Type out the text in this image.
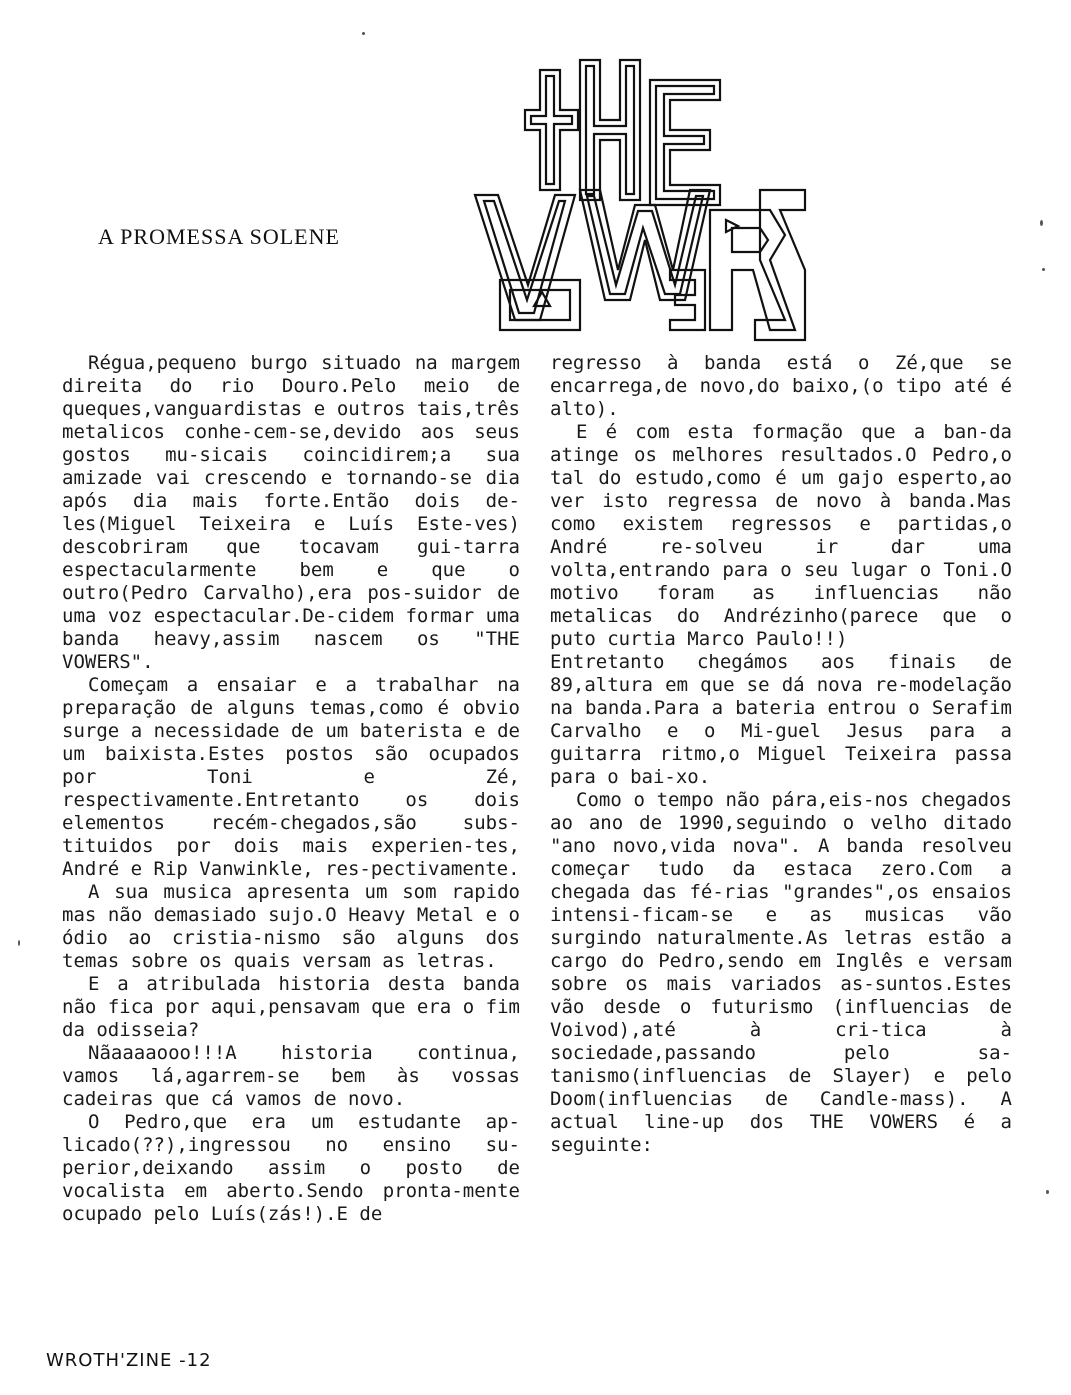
A PROMESSA SOLENE

Régua,pequeno burgo situado na margem direita do rio Douro.Pelo meio de queques,vanguardistas e outros tais,três metalicos conhe-cem-se,devido aos seus gostos mu-sicais coincidirem;a sua amizade vai crescendo e tornando-se dia após dia mais forte.Então dois de-les(Miguel Teixeira e Luís Este-ves) descobriram que tocavam gui-tarra espectacularmente bem e que o outro(Pedro Carvalho),era pos-suidor de uma voz espectacular.De-cidem formar uma banda heavy,assim nascem os "THE VOWERS".

Começam a ensaiar e a trabalhar na preparação de alguns temas,como é obvio surge a necessidade de um baterista e de um baixista.Estes postos são ocupados por Toni e Zé, respectivamente.Entretanto os dois elementos recém-chegados,são subs-tituidos por dois mais experien-tes, André e Rip Vanwinkle, res-pectivamente.

A sua musica apresenta um som rapido mas não demasiado sujo.O Heavy Metal e o ódio ao cristia-nismo são alguns dos temas sobre os quais versam as letras.

E a atribulada historia desta banda não fica por aqui,pensavam que era o fim da odisseia?

Nãaaaaooo!!!A historia continua, vamos lá,agarrem-se bem às vossas cadeiras que cá vamos de novo.

O Pedro,que era um estudante ap-licado(??),ingressou no ensino su-perior,deixando assim o posto de vocalista em aberto.Sendo pronta-mente ocupado pelo Luís(zás!).E de

regresso à banda está o Zé,que se encarrega,de novo,do baixo,(o tipo até é alto).

E é com esta formação que a ban-da atinge os melhores resultados.O Pedro,o tal do estudo,como é um gajo esperto,ao ver isto regressa de novo à banda.Mas como existem regressos e partidas,o André re-solveu ir dar uma volta,entrando para o seu lugar o Toni.O motivo foram as influencias não metalicas do Andrézinho(parece que o puto curtia Marco Paulo!!)

Entretanto chegámos aos finais de 89,altura em que se dá nova re-modelação na banda.Para a bateria entrou o Serafim Carvalho e o Mi-guel Jesus para a guitarra ritmo,o Miguel Teixeira passa para o bai-xo.

Como o tempo não pára,eis-nos chegados ao ano de 1990,seguindo o velho ditado "ano novo,vida nova". A banda resolveu começar tudo da estaca zero.Com a chegada das fé-rias "grandes",os ensaios intensi-ficam-se e as musicas vão surgindo naturalmente.As letras estão a cargo do Pedro,sendo em Inglês e versam sobre os mais variados as-suntos.Estes vão desde o futurismo (influencias de Voivod),até à cri-tica à sociedade,passando pelo sa-tanismo(influencias de Slayer) e pelo Doom(influencias de Candle-mass). A actual line-up dos THE VOWERS é a seguinte:

WROTH'ZINE -12
